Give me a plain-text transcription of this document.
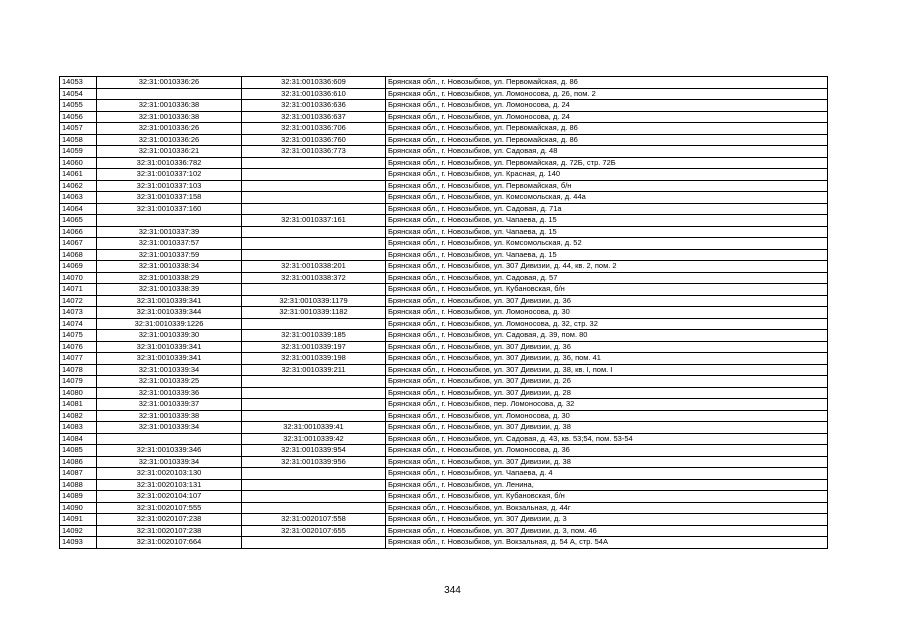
14053	32:31:0010336:26	32:31:0010336:609	Брянская обл., г. Новозыбков, ул. Первомайская, д. 86
14054		32:31:0010336:610	Брянская обл., г. Новозыбков, ул. Ломоносова, д. 26, пом. 2
14055	32:31:0010336:38	32:31:0010336:636	Брянская обл., г. Новозыбков, ул. Ломоносова, д. 24
14056	32:31:0010336:38	32:31:0010336:637	Брянская обл., г. Новозыбков, ул. Ломоносова, д. 24
14057	32:31:0010336:26	32:31:0010336:706	Брянская обл., г. Новозыбков, ул. Первомайская, д. 86
14058	32:31:0010336:26	32:31:0010336:760	Брянская обл., г. Новозыбков, ул. Первомайская, д. 86
14059	32:31:0010336:21	32:31:0010336:773	Брянская обл., г. Новозыбков, ул. Садовая, д. 48
14060	32:31:0010336:782		Брянская обл., г. Новозыбков, ул. Первомайская, д. 72Б, стр. 72Б
14061	32:31:0010337:102		Брянская обл., г. Новозыбков, ул. Красная, д. 140
14062	32:31:0010337:103		Брянская обл., г. Новозыбков, ул. Первомайская, б/н
14063	32:31:0010337:158		Брянская обл., г. Новозыбков, ул. Комсомольская, д. 44а
14064	32:31:0010337:160		Брянская обл., г. Новозыбков, ул. Садовая, д. 71а
14065		32:31:0010337:161	Брянская обл., г. Новозыбков, ул. Чапаева, д. 15
14066	32:31:0010337:39		Брянская обл., г. Новозыбков, ул. Чапаева, д. 15
14067	32:31:0010337:57		Брянская обл., г. Новозыбков, ул. Комсомольская, д. 52
14068	32:31:0010337:59		Брянская обл., г. Новозыбков, ул. Чапаева, д. 15
14069	32:31:0010338:34	32:31:0010338:201	Брянская обл., г. Новозыбков, ул. 307 Дивизии, д. 44, кв. 2, пом. 2
14070	32:31:0010338:29	32:31:0010338:372	Брянская обл., г. Новозыбков, ул. Садовая, д. 57
14071	32:31:0010338:39		Брянская обл., г. Новозыбков, ул. Кубановская, б/н
14072	32:31:0010339:341	32:31:0010339:1179	Брянская обл., г. Новозыбков, ул. 307 Дивизии, д. 36
14073	32:31:0010339:344	32:31:0010339:1182	Брянская обл., г. Новозыбков, ул. Ломоносова, д. 30
14074	32:31:0010339:1226		Брянская обл., г. Новозыбков, ул. Ломоносова, д. 32, стр. 32
14075	32:31:0010339:30	32:31:0010339:185	Брянская обл., г. Новозыбков, ул. Садовая, д. 39, пом. 80
14076	32:31:0010339:341	32:31:0010339:197	Брянская обл., г. Новозыбков, ул. 307 Дивизии, д. 36
14077	32:31:0010339:341	32:31:0010339:198	Брянская обл., г. Новозыбков, ул. 307 Дивизии, д. 36, пом. 41
14078	32:31:0010339:34	32:31:0010339:211	Брянская обл., г. Новозыбков, ул. 307 Дивизии, д. 38, кв. I, пом. I
14079	32:31:0010339:25		Брянская обл., г. Новозыбков, ул. 307 Дивизии, д. 26
14080	32:31:0010339:36		Брянская обл., г. Новозыбков, ул. 307 Дивизии, д. 28
14081	32:31:0010339:37		Брянская обл., г. Новозыбков, пер. Ломоносова, д. 32
14082	32:31:0010339:38		Брянская обл., г. Новозыбков, ул. Ломоносова, д. 30
14083	32:31:0010339:34	32:31:0010339:41	Брянская обл., г. Новозыбков, ул. 307 Дивизии, д. 38
14084		32:31:0010339:42	Брянская обл., г. Новозыбков, ул. Садовая, д. 43, кв. 53;54, пом. 53-54
14085	32:31:0010339:346	32:31:0010339:954	Брянская обл., г. Новозыбков, ул. Ломоносова, д. 36
14086	32:31:0010339:34	32:31:0010339:956	Брянская обл., г. Новозыбков, ул. 307 Дивизии, д. 38
14087	32:31:0020103:130		Брянская обл., г. Новозыбков, ул. Чапаева, д. 4
14088	32:31:0020103:131		Брянская обл., г. Новозыбков, ул. Ленина,
14089	32:31:0020104:107		Брянская обл., г. Новозыбков, ул. Кубановская, б/н
14090	32:31:0020107:555		Брянская обл., г. Новозыбков, ул. Вокзальная, д. 44г
14091	32:31:0020107:238	32:31:0020107:558	Брянская обл., г. Новозыбков, ул. 307 Дивизии, д. 3
14092	32:31:0020107:238	32:31:0020107:655	Брянская обл., г. Новозыбков, ул. 307 Дивизии, д. 3, пом. 46
14093	32:31:0020107:664		Брянская обл., г. Новозыбков, ул. Вокзальная, д. 54 А, стр. 54А
344
